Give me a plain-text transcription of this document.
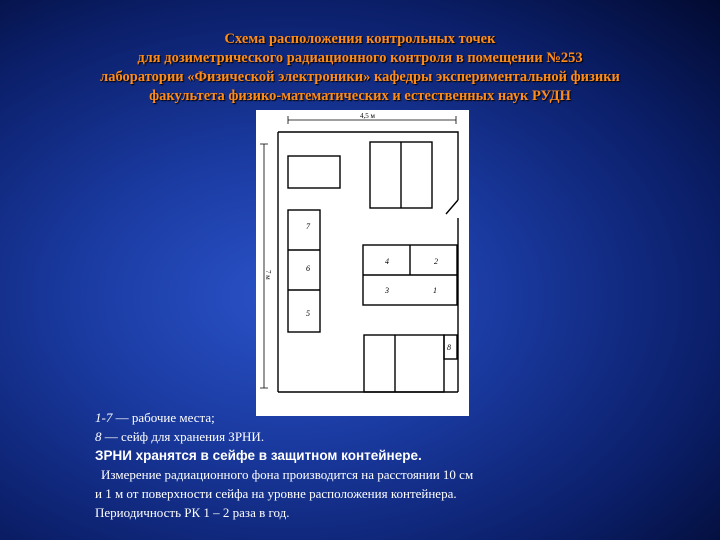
Схема расположения контрольных точек
для дозиметрического радиационного контроля в помещении №253
лаборатории «Физической электроники» кафедры экспериментальной физики
факультета физико-математических и естественных наук РУДН
4,5 м
7 м
7
6
5
4	2
3	1
8
1-7 — рабочие места;
8 — сейф для хранения ЗРНИ.
ЗРНИ хранятся в сейфе в защитном контейнере.
Измерение радиационного фона производится на расстоянии 10 см
и 1 м от поверхности сейфа на уровне расположения контейнера.
Периодичность РК 1 – 2 раза в год.
